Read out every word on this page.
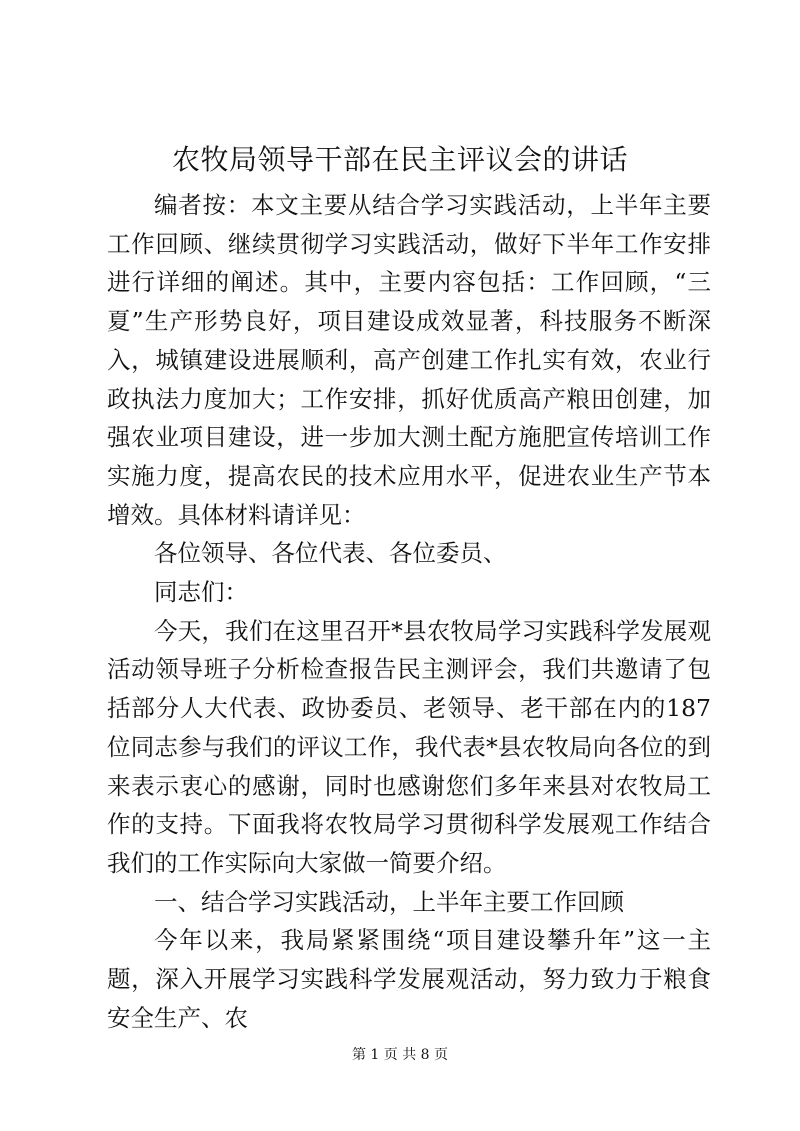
农牧局领导干部在民主评议会的讲话

编者按：本文主要从结合学习实践活动，上半年主要工作回顾、继续贯彻学习实践活动，做好下半年工作安排进行详细的阐述。其中，主要内容包括：工作回顾，“三夏”生产形势良好，项目建设成效显著，科技服务不断深入，城镇建设进展顺利，高产创建工作扎实有效，农业行政执法力度加大；工作安排，抓好优质高产粮田创建，加强农业项目建设，进一步加大测土配方施肥宣传培训工作实施力度，提高农民的技术应用水平，促进农业生产节本增效。具体材料请详见：

各位领导、各位代表、各位委员、

同志们：

今天，我们在这里召开*县农牧局学习实践科学发展观活动领导班子分析检查报告民主测评会，我们共邀请了包括部分人大代表、政协委员、老领导、老干部在内的187位同志参与我们的评议工作，我代表*县农牧局向各位的到来表示衷心的感谢，同时也感谢您们多年来县对农牧局工作的支持。下面我将农牧局学习贯彻科学发展观工作结合我们的工作实际向大家做一简要介绍。

一、结合学习实践活动，上半年主要工作回顾

今年以来，我局紧紧围绕“项目建设攀升年”这一主题，深入开展学习实践科学发展观活动，努力致力于粮食安全生产、农

第 1 页 共 8 页
